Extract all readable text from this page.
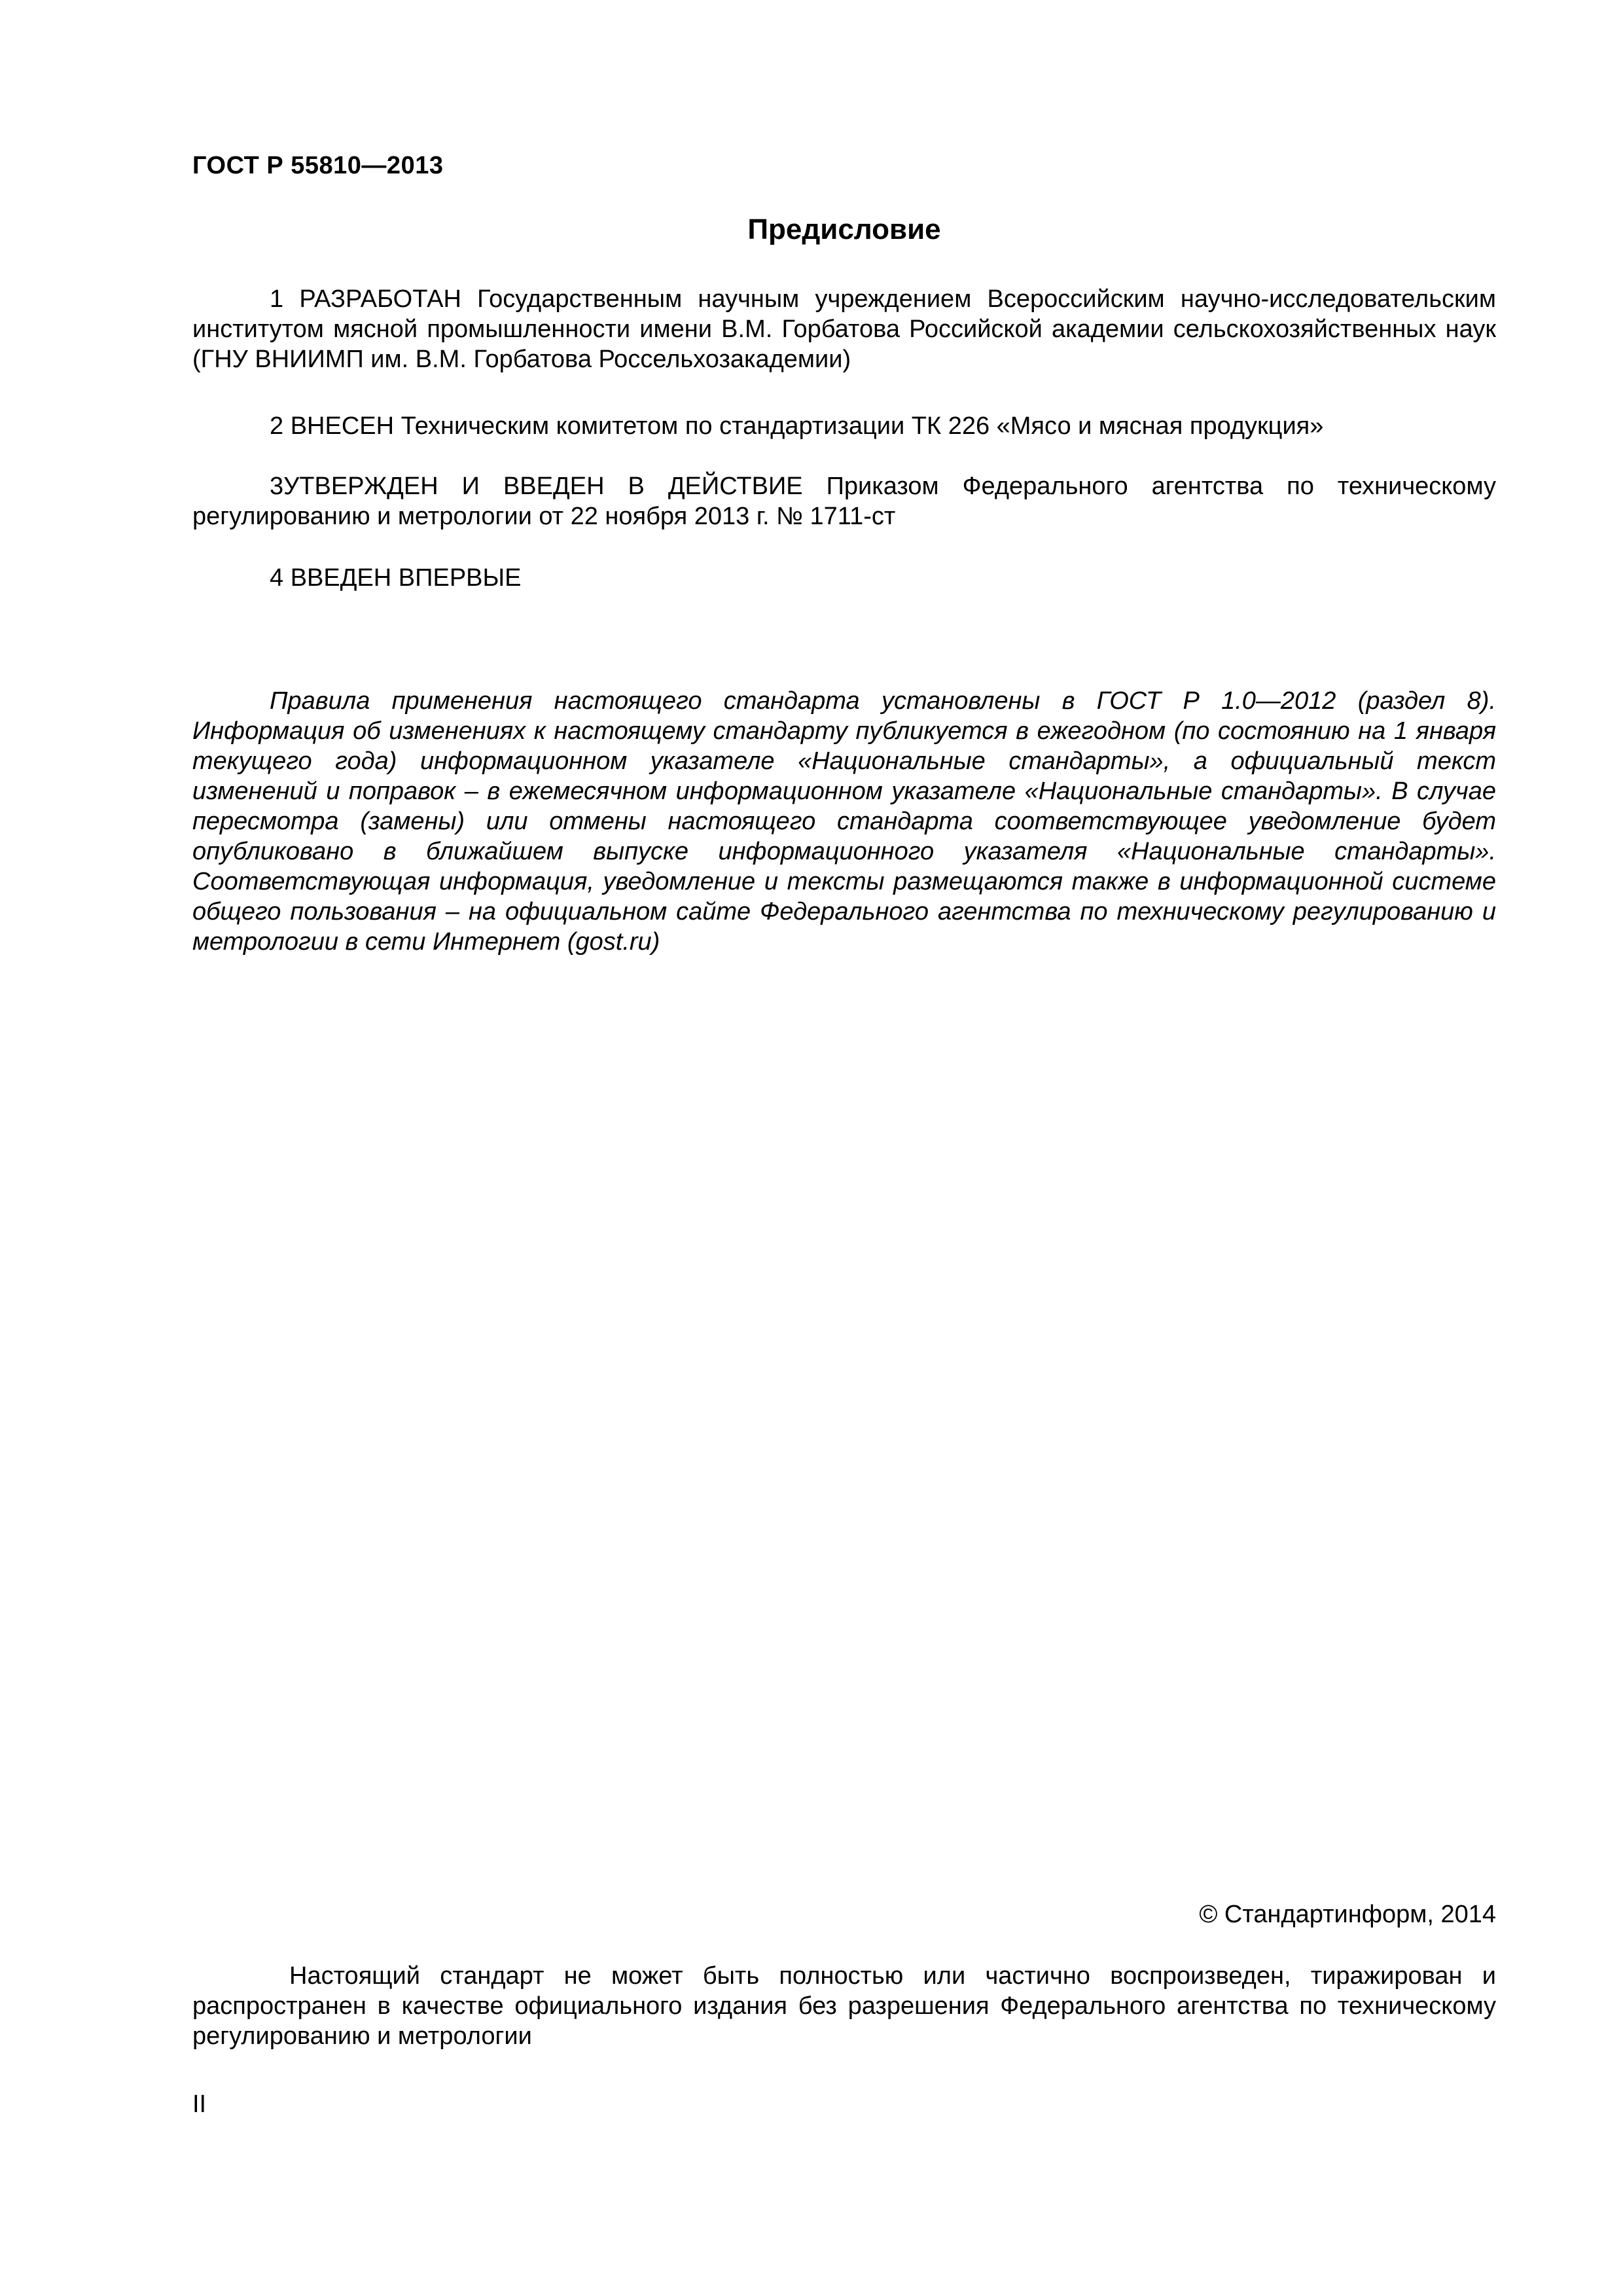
ГОСТ Р 55810—2013
Предисловие

1 РАЗРАБОТАН Государственным научным учреждением Всероссийским научно-исследовательским институтом мясной промышленности имени В.М. Горбатова Российской академии сельскохозяйственных наук (ГНУ ВНИИМП им. В.М. Горбатова Россельхозакадемии)

2 ВНЕСЕН Техническим комитетом по стандартизации ТК 226 «Мясо и мясная продукция»

3УТВЕРЖДЕН И ВВЕДЕН В ДЕЙСТВИЕ Приказом Федерального агентства по техническому регулированию и метрологии от 22 ноября 2013 г. № 1711-ст

4 ВВЕДЕН ВПЕРВЫЕ

Правила применения настоящего стандарта установлены в ГОСТ Р 1.0—2012 (раздел 8). Информация об изменениях к настоящему стандарту публикуется в ежегодном (по состоянию на 1 января текущего года) информационном указателе «Национальные стандарты», а официальный текст изменений и поправок – в ежемесячном информационном указателе «Национальные стандарты». В случае пересмотра (замены) или отмены настоящего стандарта соответствующее уведомление будет опубликовано в ближайшем выпуске информационного указателя «Национальные стандарты». Соответствующая информация, уведомление и тексты размещаются также в информационной системе общего пользования – на официальном сайте Федерального агентства по техническому регулированию и метрологии в сети Интернет (gost.ru)

© Стандартинформ, 2014

Настоящий стандарт не может быть полностью или частично воспроизведен, тиражирован и распространен в качестве официального издания без разрешения Федерального агентства по техническому регулированию и метрологии

II
